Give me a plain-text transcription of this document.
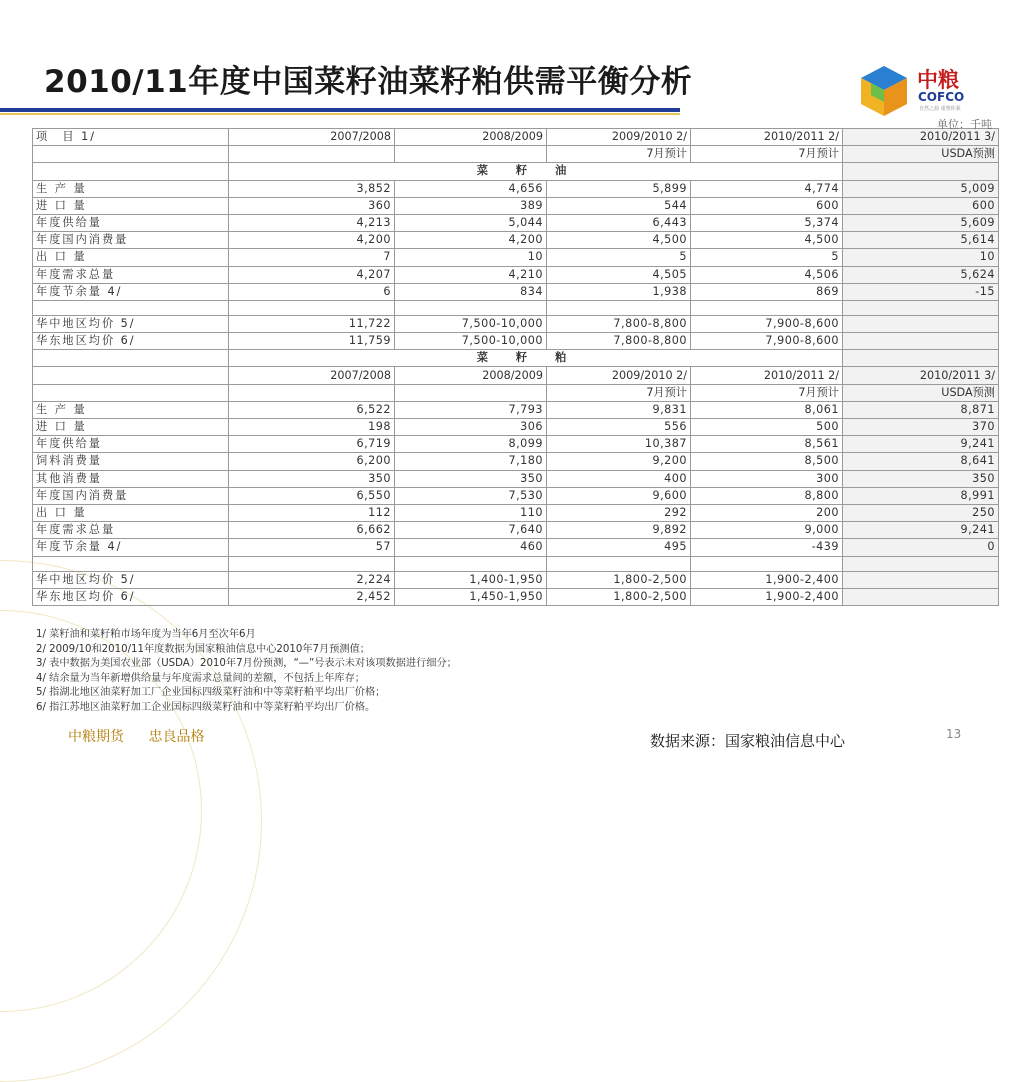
2010/11年度中国菜籽油菜籽粕供需平衡分析	中粮
COFCO
自然之源 重塑你我
单位：千吨
项　目 1/	2007/2008	2008/2009	2009/2010 2/	2010/2011 2/	2010/2011 3/
			7月预计	7月预计	USDA预测
	菜籽油				
生 产 量	3,852	4,656	5,899	4,774	5,009
进 口 量	360	389	544	600	600
年度供给量	4,213	5,044	6,443	5,374	5,609
年度国内消费量	4,200	4,200	4,500	4,500	5,614
出 口 量	7	10	5	5	10
年度需求总量	4,207	4,210	4,505	4,506	5,624
年度节余量 4/	6	834	1,938	869	-15

华中地区均价 5/	11,722	7,500-10,000	7,800-8,800	7,900-8,600	
华东地区均价 6/	11,759	7,500-10,000	7,800-8,800	7,900-8,600	
	菜籽粕				
	2007/2008	2008/2009	2009/2010 2/	2010/2011 2/	2010/2011 3/
			7月预计	7月预计	USDA预测
生 产 量	6,522	7,793	9,831	8,061	8,871
进 口 量	198	306	556	500	370
年度供给量	6,719	8,099	10,387	8,561	9,241
饲料消费量	6,200	7,180	9,200	8,500	8,641
其他消费量	350	350	400	300	350
年度国内消费量	6,550	7,530	9,600	8,800	8,991
出 口 量	112	110	292	200	250
年度需求总量	6,662	7,640	9,892	9,000	9,241
年度节余量 4/	57	460	495	-439	0

华中地区均价 5/	2,224	1,400-1,950	1,800-2,500	1,900-2,400	
华东地区均价 6/	2,452	1,450-1,950	1,800-2,500	1,900-2,400	
1/ 菜籽油和菜籽粕市场年度为当年6月至次年6月
2/ 2009/10和2010/11年度数据为国家粮油信息中心2010年7月预测值；
3/ 表中数据为美国农业部（USDA）2010年7月份预测，“—”号表示未对该项数据进行细分；
4/ 结余量为当年新增供给量与年度需求总量间的差额，不包括上年库存；
5/ 指湖北地区油菜籽加工厂企业国标四级菜籽油和中等菜籽粕平均出厂价格；
6/ 指江苏地区油菜籽加工企业国标四级菜籽油和中等菜籽粕平均出厂价格。
中粮期货 忠良品格	数据来源：国家粮油信息中心	13
